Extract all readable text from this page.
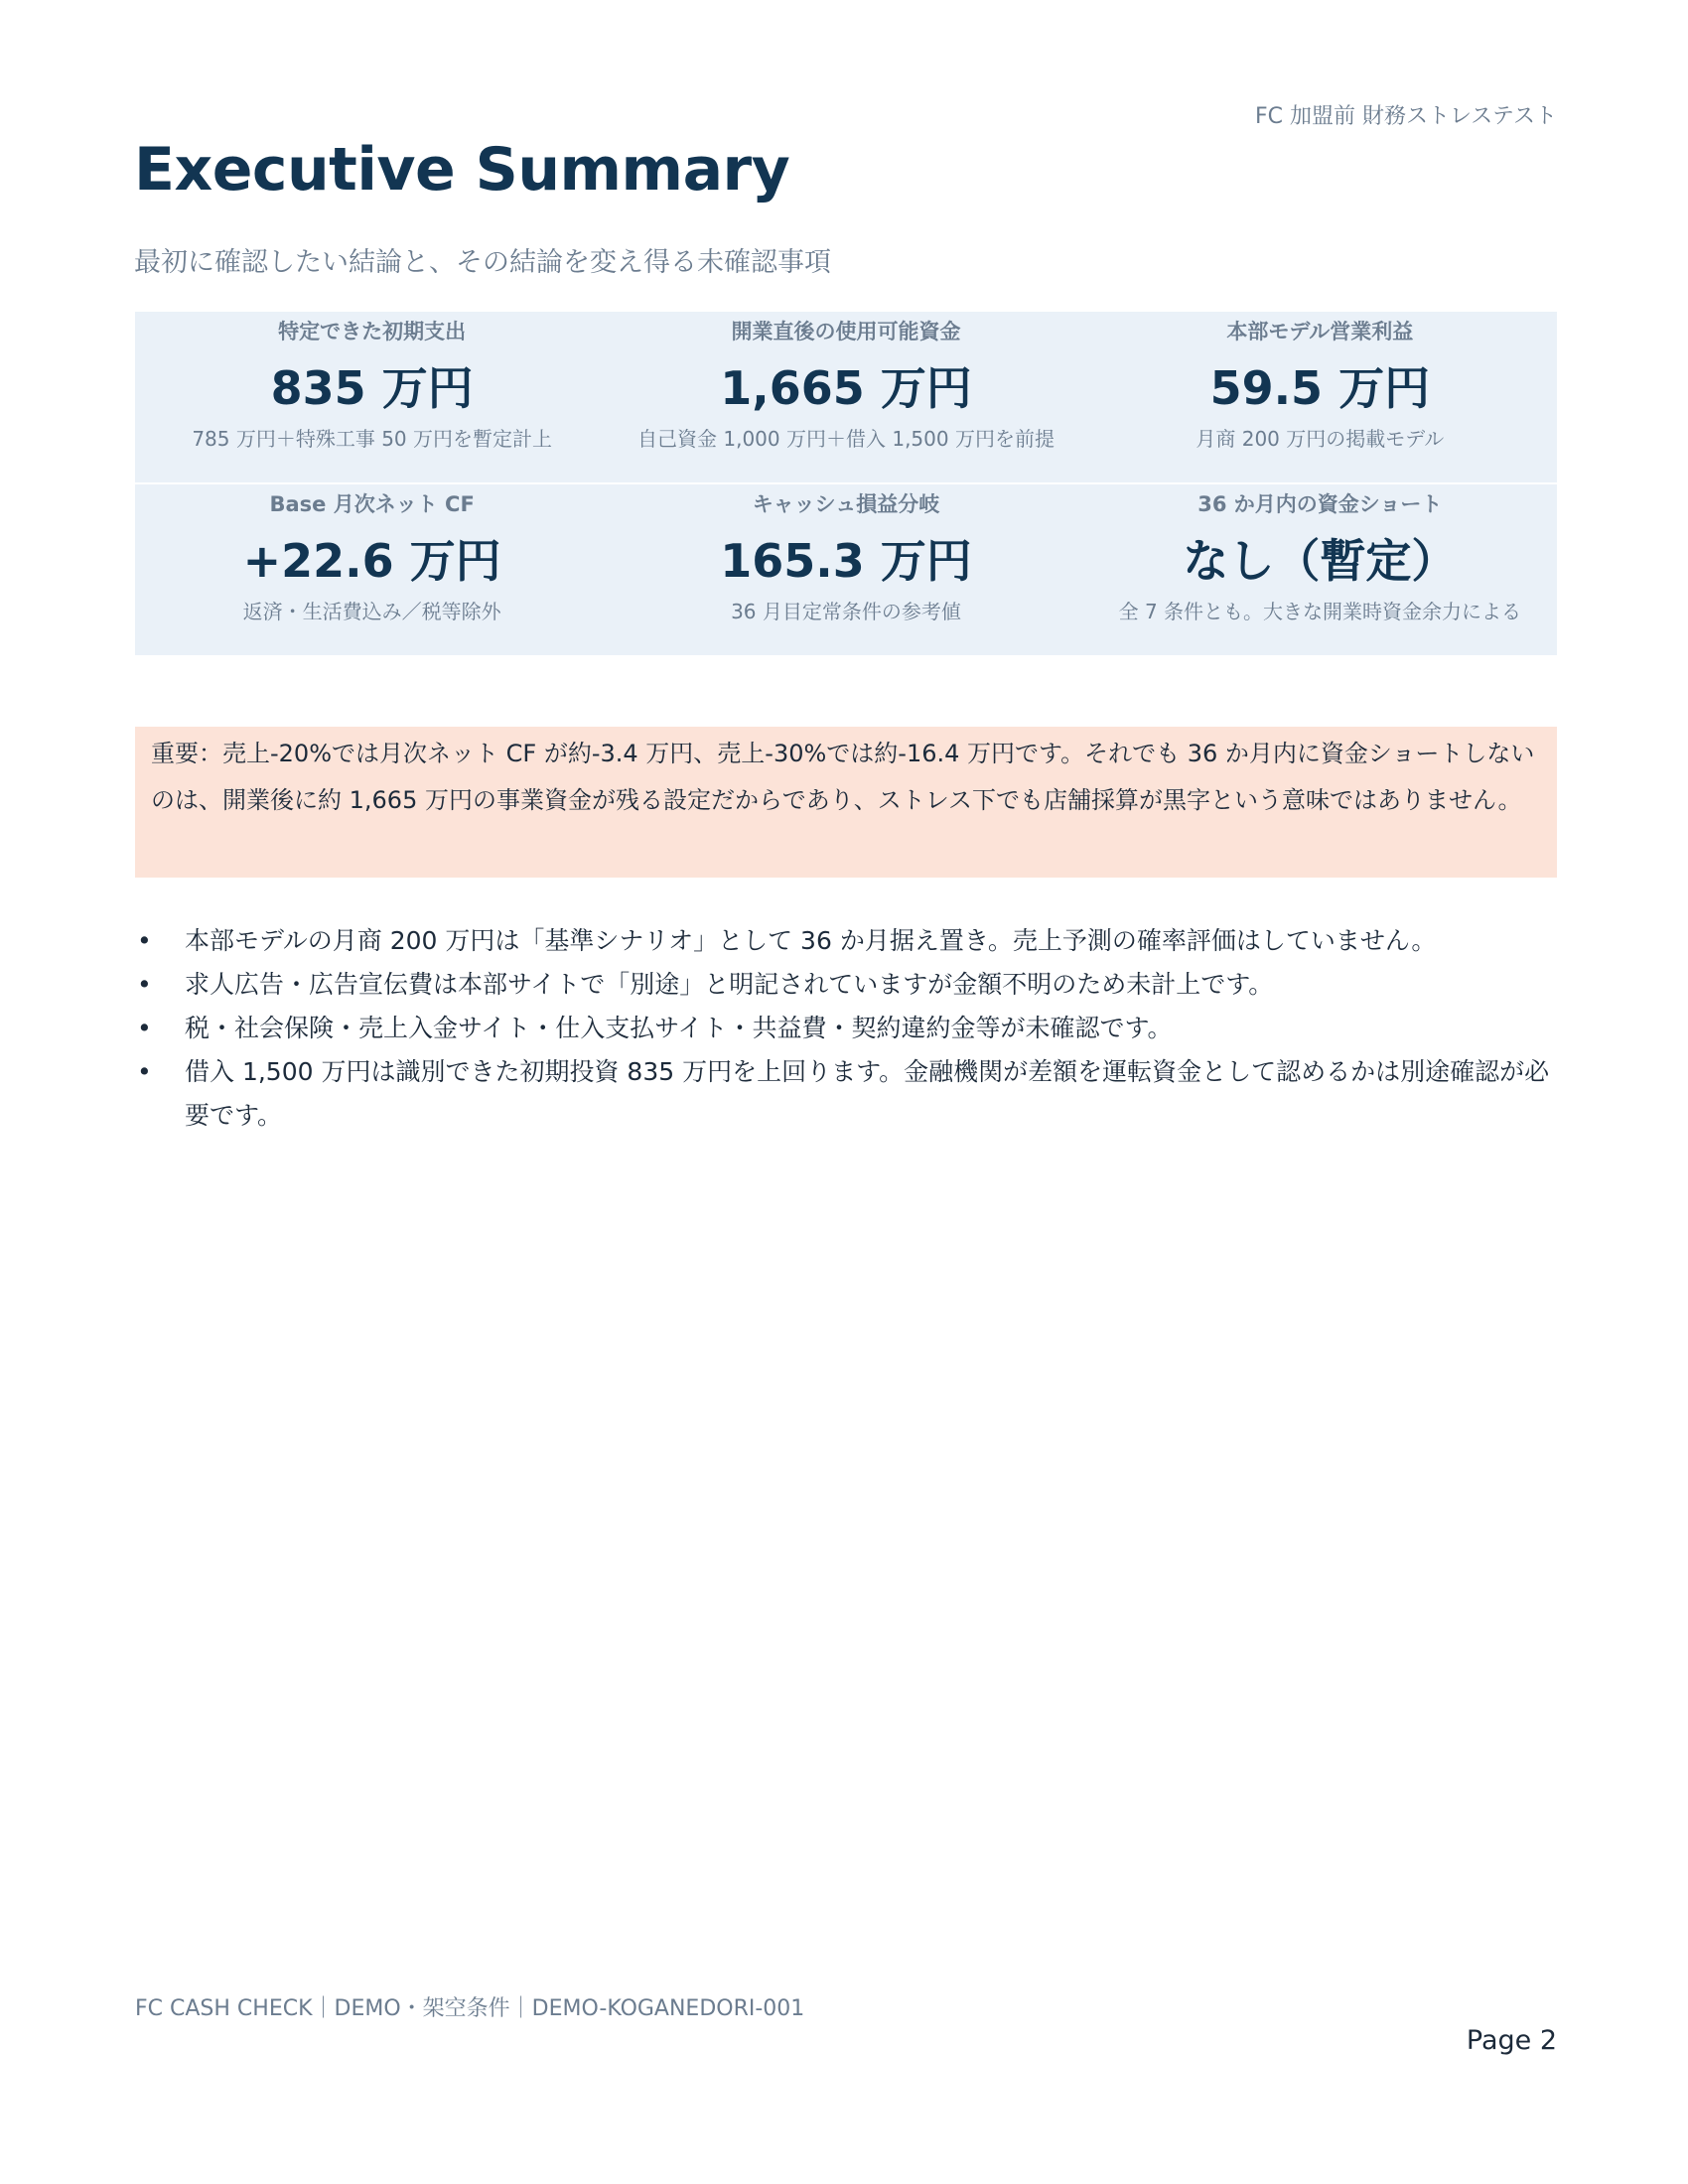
FC 加盟前 財務ストレステスト
Executive Summary
最初に確認したい結論と、その結論を変え得る未確認事項
特定できた初期支出
835 万円
785 万円＋特殊工事 50 万円を暫定計上
開業直後の使用可能資金
1,665 万円
自己資金 1,000 万円＋借入 1,500 万円を前提
本部モデル営業利益
59.5 万円
月商 200 万円の掲載モデル
Base 月次ネット CF
+22.6 万円
返済・生活費込み／税等除外
キャッシュ損益分岐
165.3 万円
36 月目定常条件の参考値
36 か月内の資金ショート
なし（暫定）
全 7 条件とも。大きな開業時資金余力による
重要：売上-20%では月次ネット CF が約-3.4 万円、売上-30%では約-16.4 万円です。それでも 36 か月内に資金ショートしないのは、開業後に約 1,665 万円の事業資金が残る設定だからであり、ストレス下でも店舗採算が黒字という意味ではありません。
• 本部モデルの月商 200 万円は「基準シナリオ」として 36 か月据え置き。売上予測の確率評価はしていません。
• 求人広告・広告宣伝費は本部サイトで「別途」と明記されていますが金額不明のため未計上です。
• 税・社会保険・売上入金サイト・仕入支払サイト・共益費・契約違約金等が未確認です。
• 借入 1,500 万円は識別できた初期投資 835 万円を上回ります。金融機関が差額を運転資金として認めるかは別途確認が必要です。
FC CASH CHECK｜DEMO・架空条件｜DEMO-KOGANEDORI-001
Page 2
